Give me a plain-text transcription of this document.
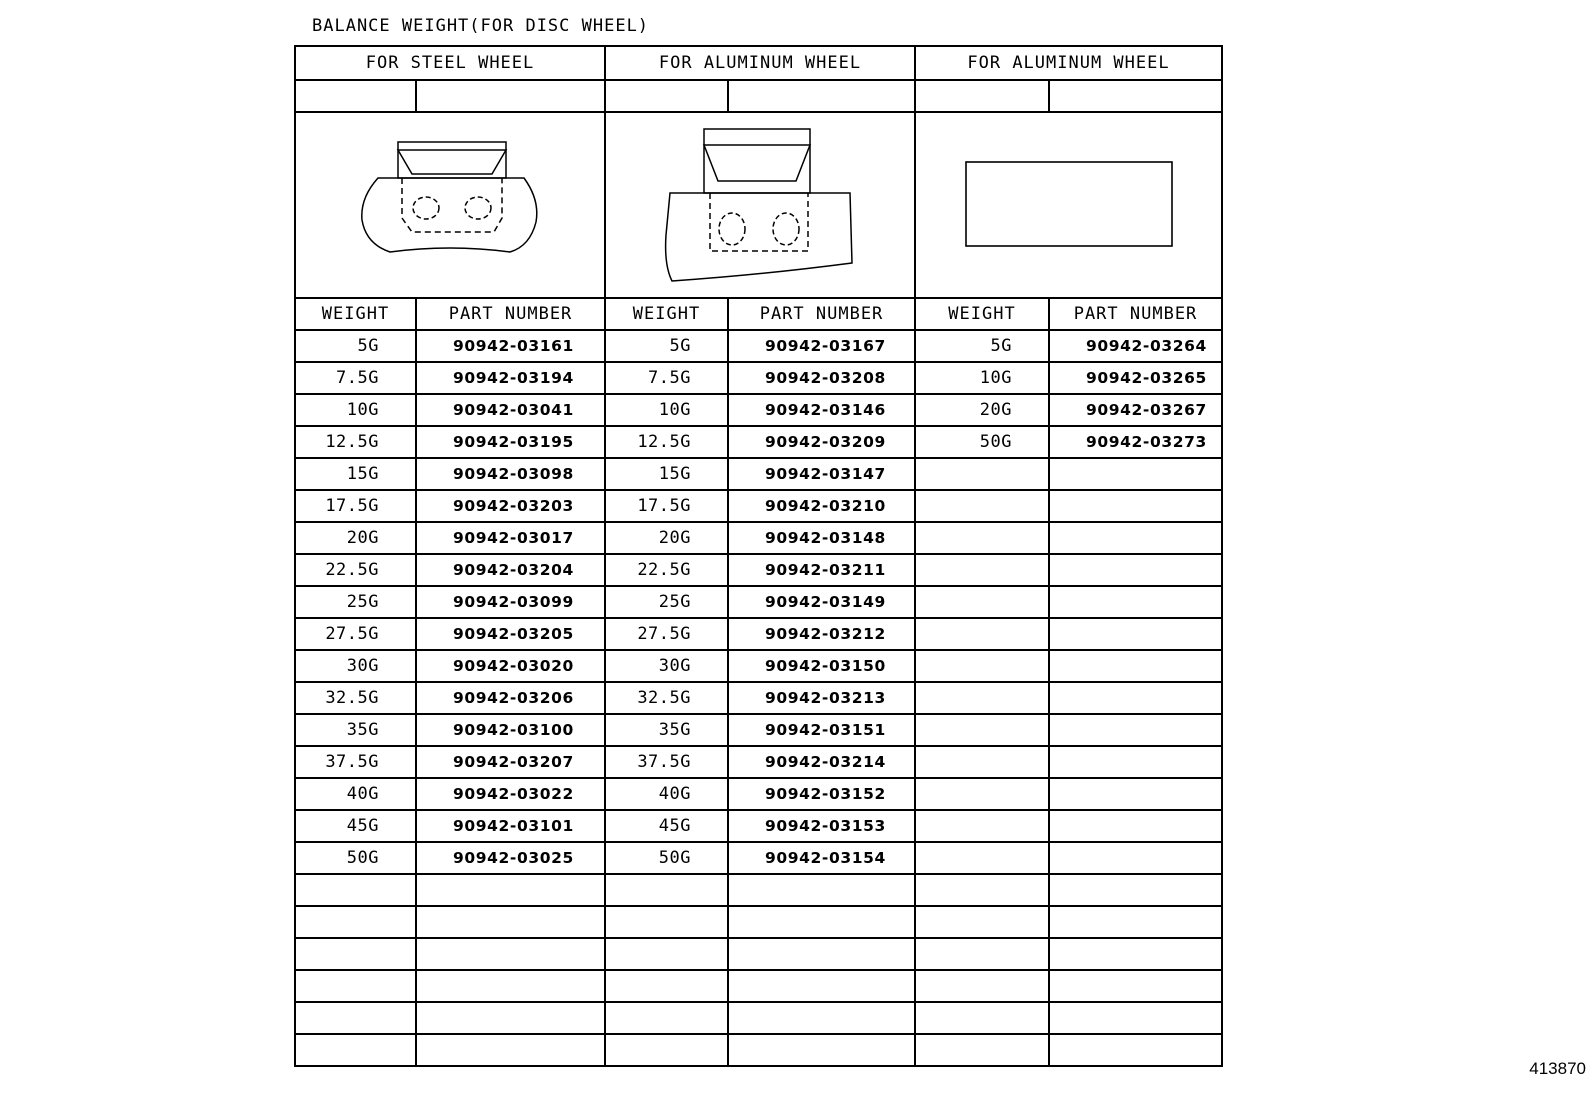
BALANCE WEIGHT(FOR DISC WHEEL)
FOR STEEL WHEEL		FOR ALUMINUM WHEEL		FOR ALUMINUM WHEEL	

WEIGHT	PART NUMBER	WEIGHT	PART NUMBER	WEIGHT	PART NUMBER
5G	90942-03161	5G	90942-03167	5G	90942-03264
7.5G	90942-03194	7.5G	90942-03208	10G	90942-03265
10G	90942-03041	10G	90942-03146	20G	90942-03267
12.5G	90942-03195	12.5G	90942-03209	50G	90942-03273
15G	90942-03098	15G	90942-03147		
17.5G	90942-03203	17.5G	90942-03210		
20G	90942-03017	20G	90942-03148		
22.5G	90942-03204	22.5G	90942-03211		
25G	90942-03099	25G	90942-03149		
27.5G	90942-03205	27.5G	90942-03212		
30G	90942-03020	30G	90942-03150		
32.5G	90942-03206	32.5G	90942-03213		
35G	90942-03100	35G	90942-03151		
37.5G	90942-03207	37.5G	90942-03214		
40G	90942-03022	40G	90942-03152		
45G	90942-03101	45G	90942-03153		
50G	90942-03025	50G	90942-03154		

413870
